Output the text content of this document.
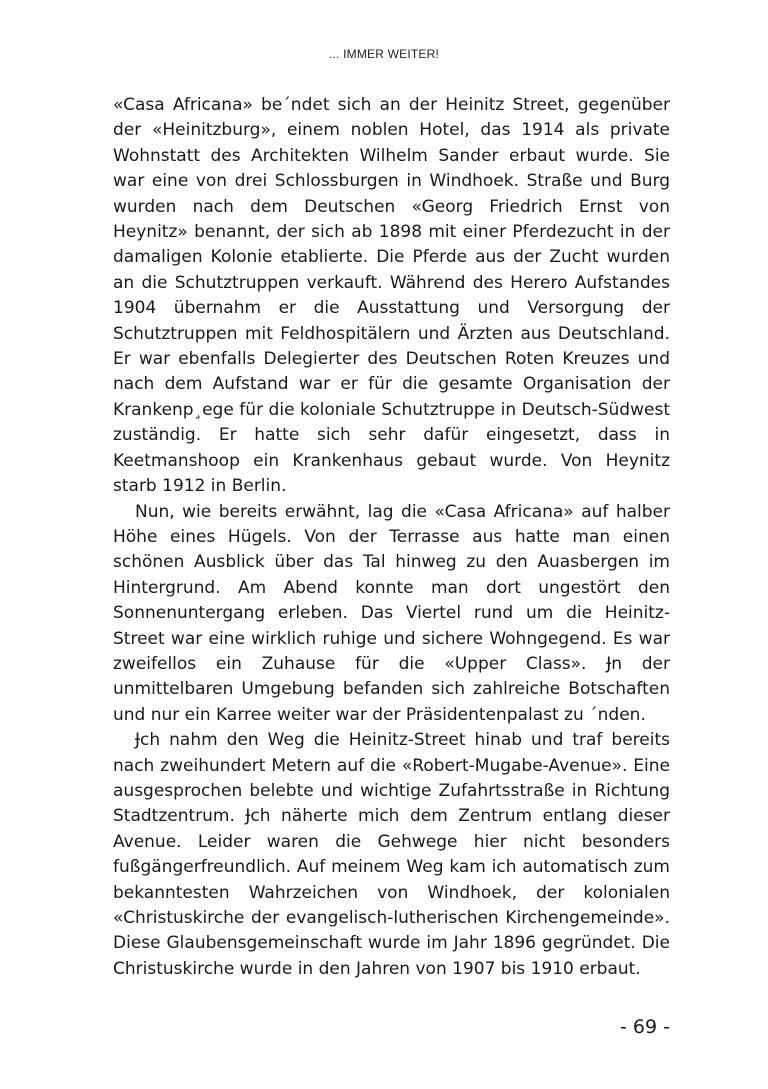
... IMMER WEITER!

«Casa Africana» be´ndet sich an der Heinitz Street, gegenüber der «Heinitzburg», einem noblen Hotel, das 1914 als private Wohnstatt des Architekten Wilhelm Sander erbaut wurde. Sie war eine von drei Schlossburgen in Windhoek. Straße und Burg wurden nach dem Deutschen «Georg Friedrich Ernst von Heynitz» benannt, der sich ab 1898 mit einer Pferdezucht in der damaligen Kolonie etablierte. Die Pferde aus der Zucht wurden an die Schutztruppen verkauft. Während des Herero Aufstandes 1904 übernahm er die Ausstattung und Versorgung der Schutztruppen mit Feldhospitälern und Ärzten aus Deutschland. Er war ebenfalls Delegierter des Deutschen Roten Kreuzes und nach dem Aufstand war er für die gesamte Organisation der Krankenp¸ege für die koloniale Schutztruppe in Deutsch-Südwest zuständig. Er hatte sich sehr dafür eingesetzt, dass in Keetmanshoop ein Krankenhaus gebaut wurde. Von Heynitz starb 1912 in Berlin.

Nun, wie bereits erwähnt, lag die «Casa Africana» auf halber Höhe eines Hügels. Von der Terrasse aus hatte man einen schönen Ausblick über das Tal hinweg zu den Auasbergen im Hintergrund. Am Abend konnte man dort ungestört den Sonnenuntergang erleben. Das Viertel rund um die Heinitz-Street war eine wirklich ruhige und sichere Wohngegend. Es war zweifellos ein Zuhause für die «Upper Class». Ɉn der unmittelbaren Umgebung befanden sich zahlreiche Botschaften und nur ein Karree weiter war der Präsidentenpalast zu ´nden.

Ɉch nahm den Weg die Heinitz-Street hinab und traf bereits nach zweihundert Metern auf die «Robert-Mugabe-Avenue». Eine ausgesprochen belebte und wichtige Zufahrtsstraße in Richtung Stadtzentrum. Ɉch näherte mich dem Zentrum entlang dieser Avenue. Leider waren die Gehwege hier nicht besonders fußgängerfreundlich. Auf meinem Weg kam ich automatisch zum bekanntesten Wahrzeichen von Windhoek, der kolonialen «Christuskirche der evangelisch-lutherischen Kirchengemeinde». Diese Glaubensgemeinschaft wurde im Jahr 1896 gegründet. Die Christuskirche wurde in den Jahren von 1907 bis 1910 erbaut.

- 69 -
